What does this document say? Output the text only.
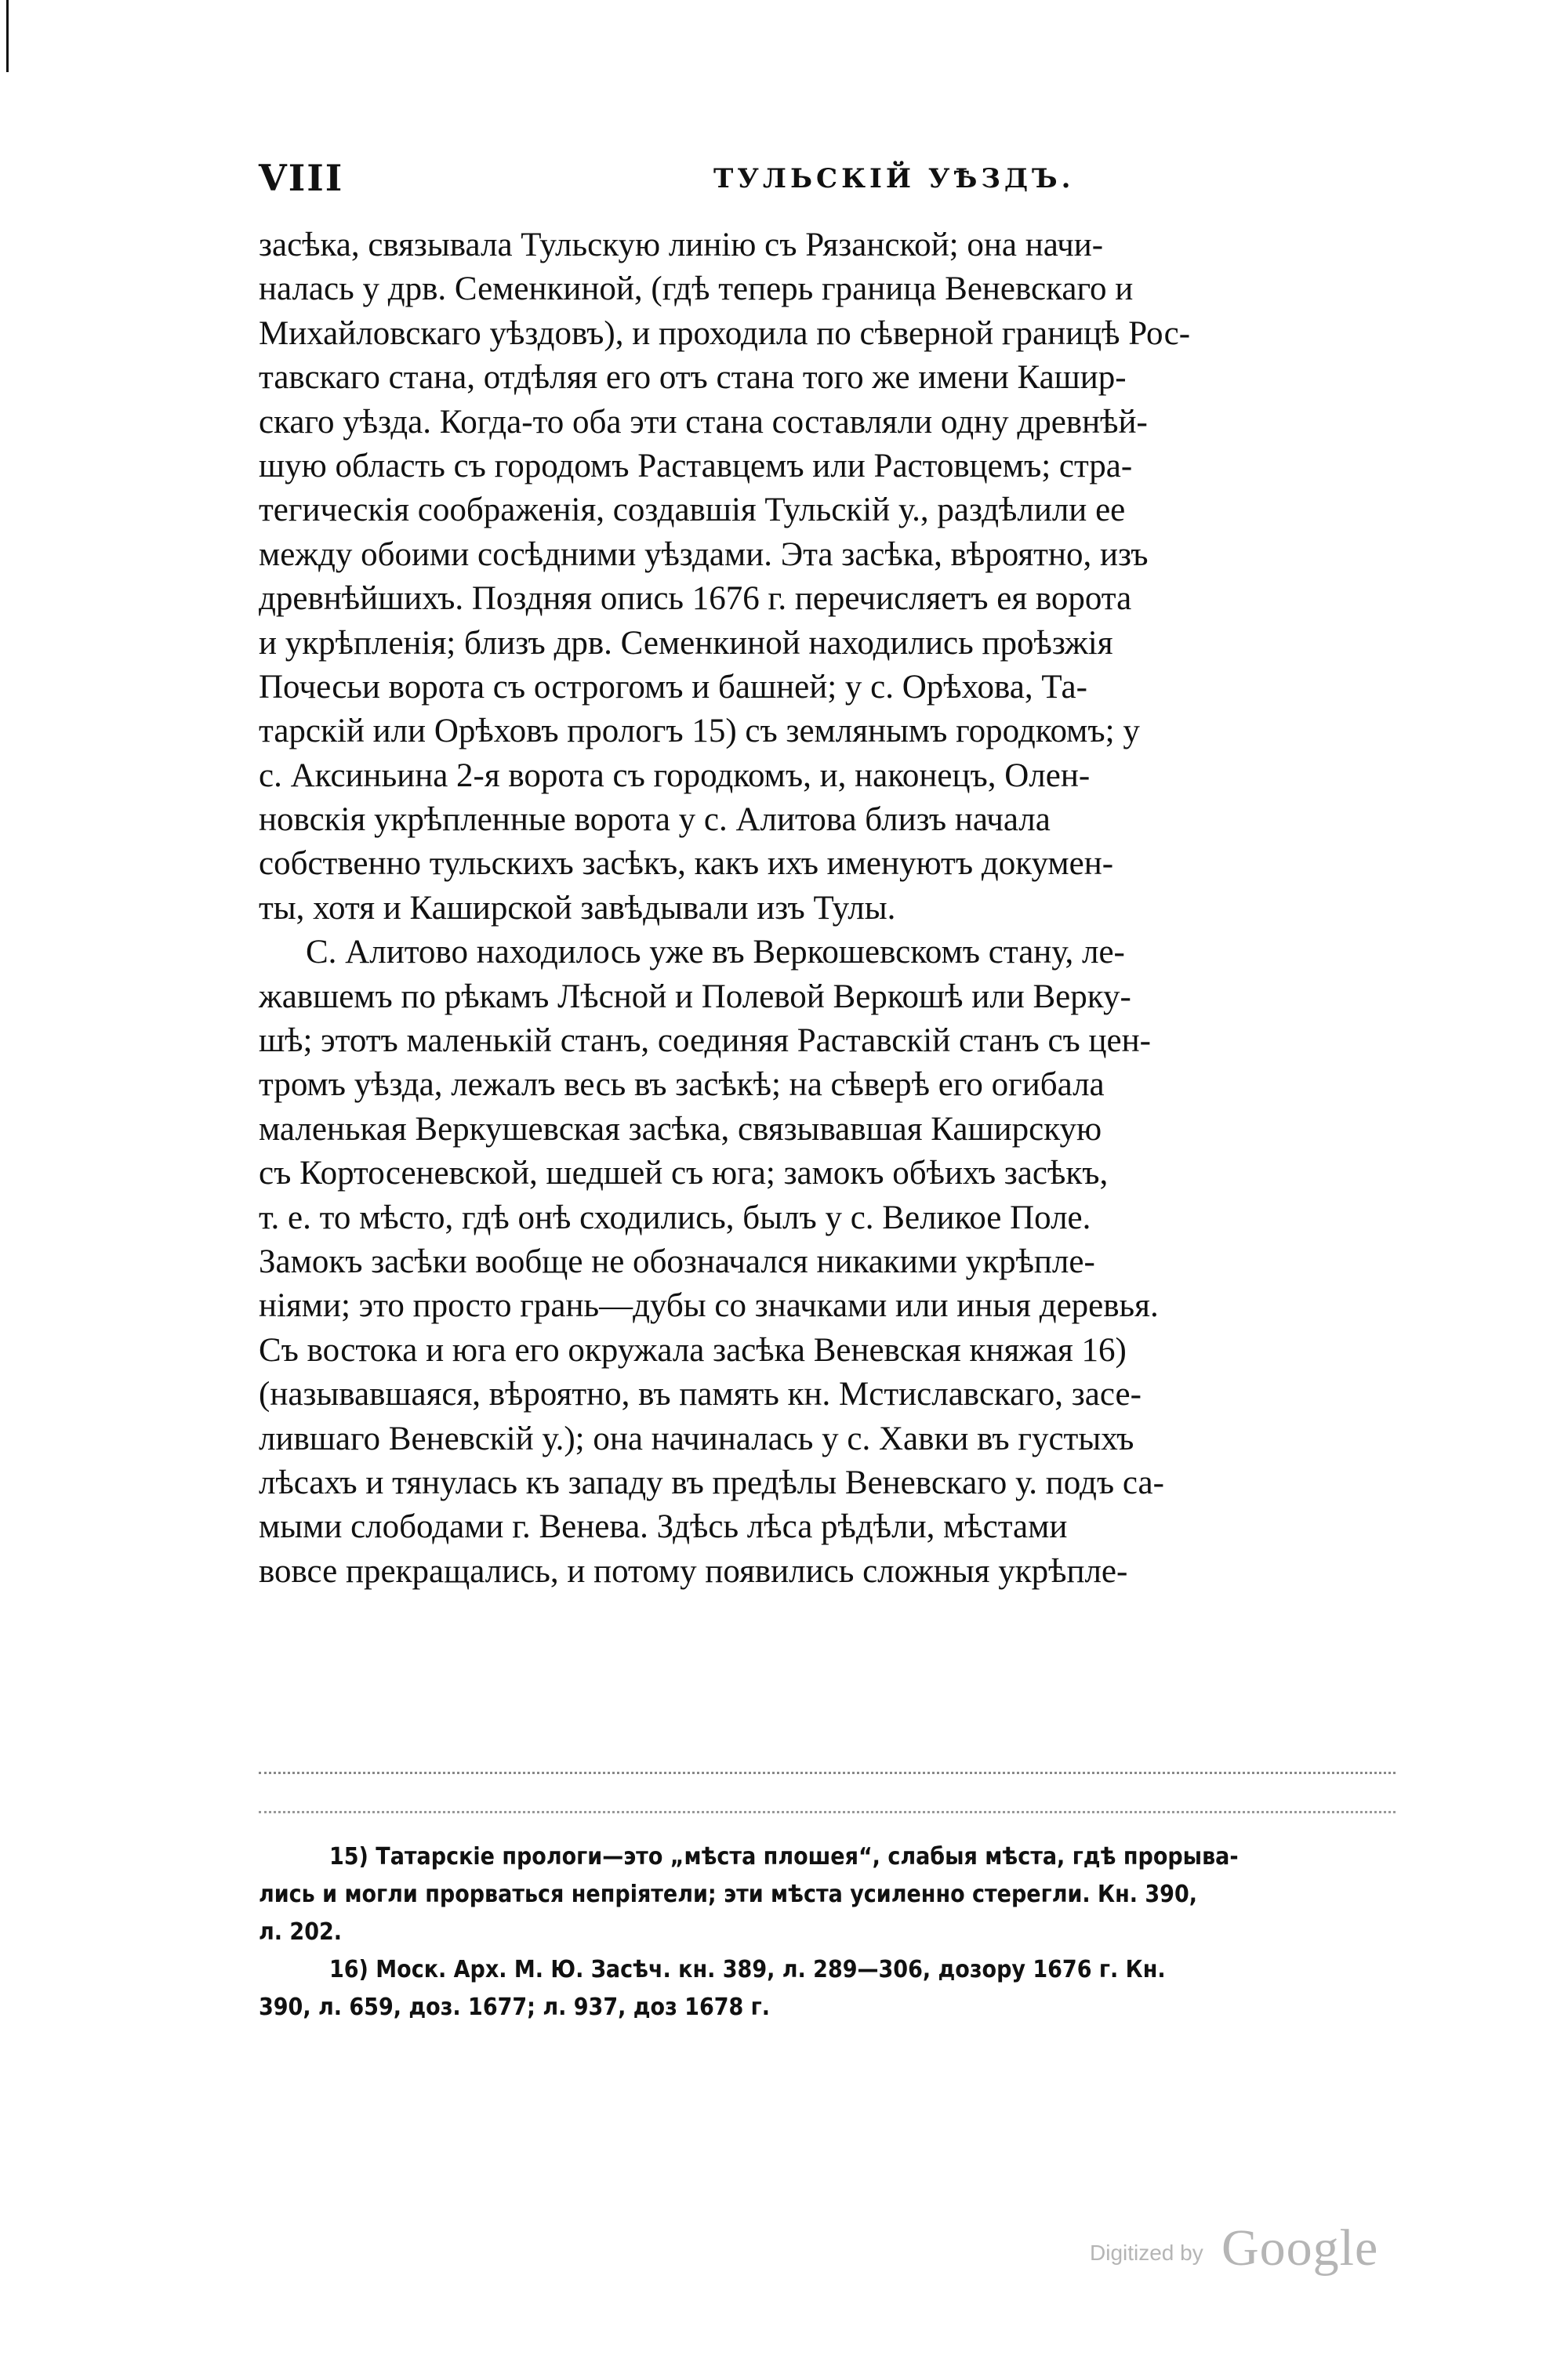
VIII	ТУЛЬСКІЙ УѢЗДЪ.
засѣка, связывала Тульскую линію съ Рязанской; она начи-
налась у дрв. Семенкиной, (гдѣ теперь граница Веневскаго и
Михайловскаго уѣздовъ), и проходила по сѣверной границѣ Рос-
тавскаго стана, отдѣляя его отъ стана того же имени Кашир-
скаго уѣзда. Когда-то оба эти стана составляли одну древнѣй-
шую область съ городомъ Раставцемъ или Растовцемъ; стра-
тегическія соображенія, создавшія Тульскій у., раздѣлили ее
между обоими сосѣдними уѣздами. Эта засѣка, вѣроятно, изъ
древнѣйшихъ. Поздняя опись 1676 г. перечисляетъ ея ворота
и укрѣпленія; близъ дрв. Семенкиной находились проѣзжія
Почесьи ворота съ острогомъ и башней; у с. Орѣхова, Та-
тарскій или Орѣховъ прологъ 15) съ землянымъ городкомъ; у
с. Аксиньина 2-я ворота съ городкомъ, и, наконецъ, Олен-
новскія укрѣпленные ворота у с. Алитова близъ начала
собственно тульскихъ засѣкъ, какъ ихъ именуютъ докумен-
ты, хотя и Каширской завѣдывали изъ Тулы.
С. Алитово находилось уже въ Веркошевскомъ стану, ле-
жавшемъ по рѣкамъ Лѣсной и Полевой Веркошѣ или Верку-
шѣ; этотъ маленькій станъ, соединяя Раставскій станъ съ цен-
тромъ уѣзда, лежалъ весь въ засѣкѣ; на сѣверѣ его огибала
маленькая Веркушевская засѣка, связывавшая Каширскую
съ Кортосеневской, шедшей съ юга; замокъ обѣихъ засѣкъ,
т. е. то мѣсто, гдѣ онѣ сходились, былъ у с. Великое Поле.
Замокъ засѣки вообще не обозначался никакими укрѣпле-
ніями; это просто грань—дубы со значками или иныя деревья.
Съ востока и юга его окружала засѣка Веневская княжая 16)
(называвшаяся, вѣроятно, въ память кн. Мстиславскаго, засе-
лившаго Веневскій у.); она начиналась у с. Хавки въ густыхъ
лѣсахъ и тянулась къ западу въ предѣлы Веневскаго у. подъ са-
мыми слободами г. Венева. Здѣсь лѣса рѣдѣли, мѣстами
вовсе прекращались, и потому появились сложныя укрѣпле-
15) Татарскіе прологи—это „мѣста плошея“, слабыя мѣста, гдѣ прорыва-
лись и могли прорваться непріятели; эти мѣста усиленно стерегли. Кн. 390,
л. 202.
16) Моск. Арх. М. Ю. Засѣч. кн. 389, л. 289—306, дозору 1676 г. Кн.
390, л. 659, доз. 1677; л. 937, доз 1678 г.
Digitized by Google
